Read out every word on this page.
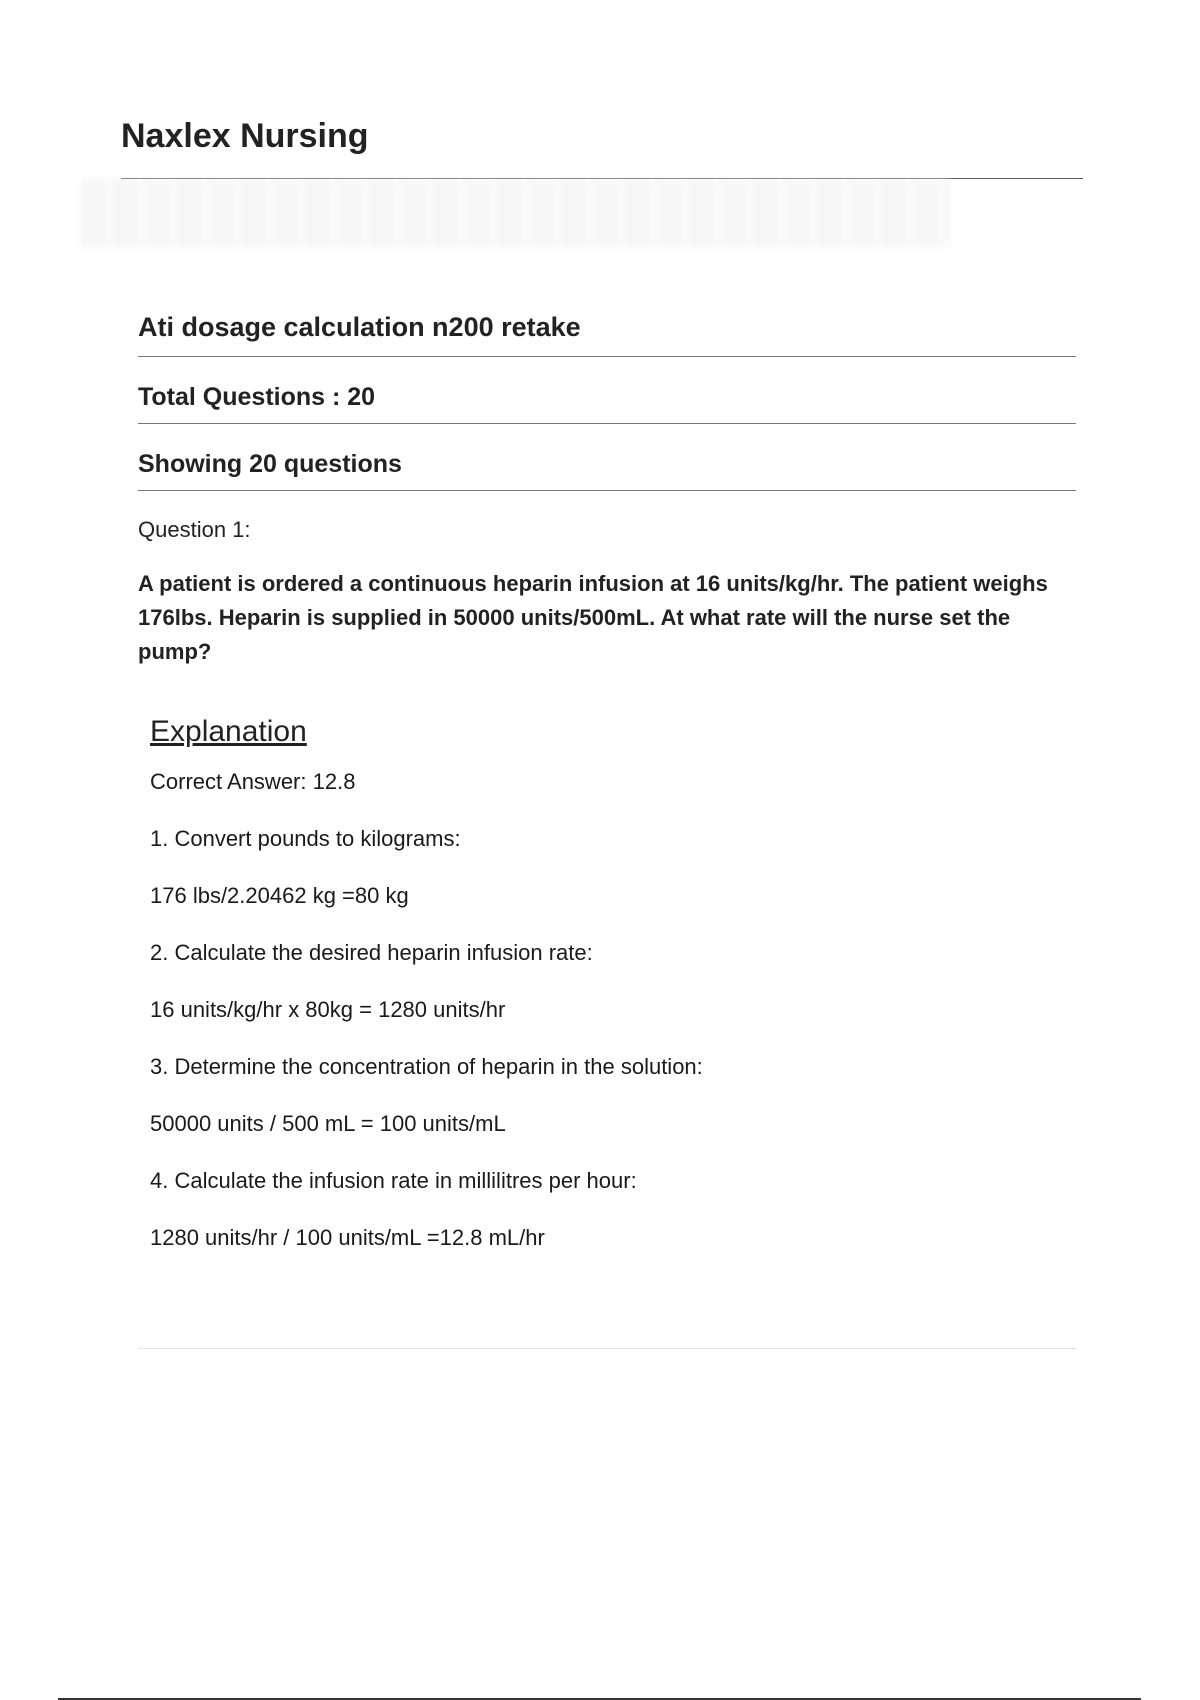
Naxlex Nursing
Ati dosage calculation n200 retake
Total Questions : 20
Showing 20 questions
Question 1:
A patient is ordered a continuous heparin infusion at 16 units/kg/hr. The patient weighs 176lbs. Heparin is supplied in 50000 units/500mL. At what rate will the nurse set the pump?
Explanation
Correct Answer: 12.8
1. Convert pounds to kilograms:
176 lbs/2.20462 kg =80 kg
2. Calculate the desired heparin infusion rate:
16 units/kg/hr x 80kg = 1280 units/hr
3. Determine the concentration of heparin in the solution:
50000 units / 500 mL = 100 units/mL
4. Calculate the infusion rate in millilitres per hour:
1280 units/hr / 100 units/mL =12.8 mL/hr
